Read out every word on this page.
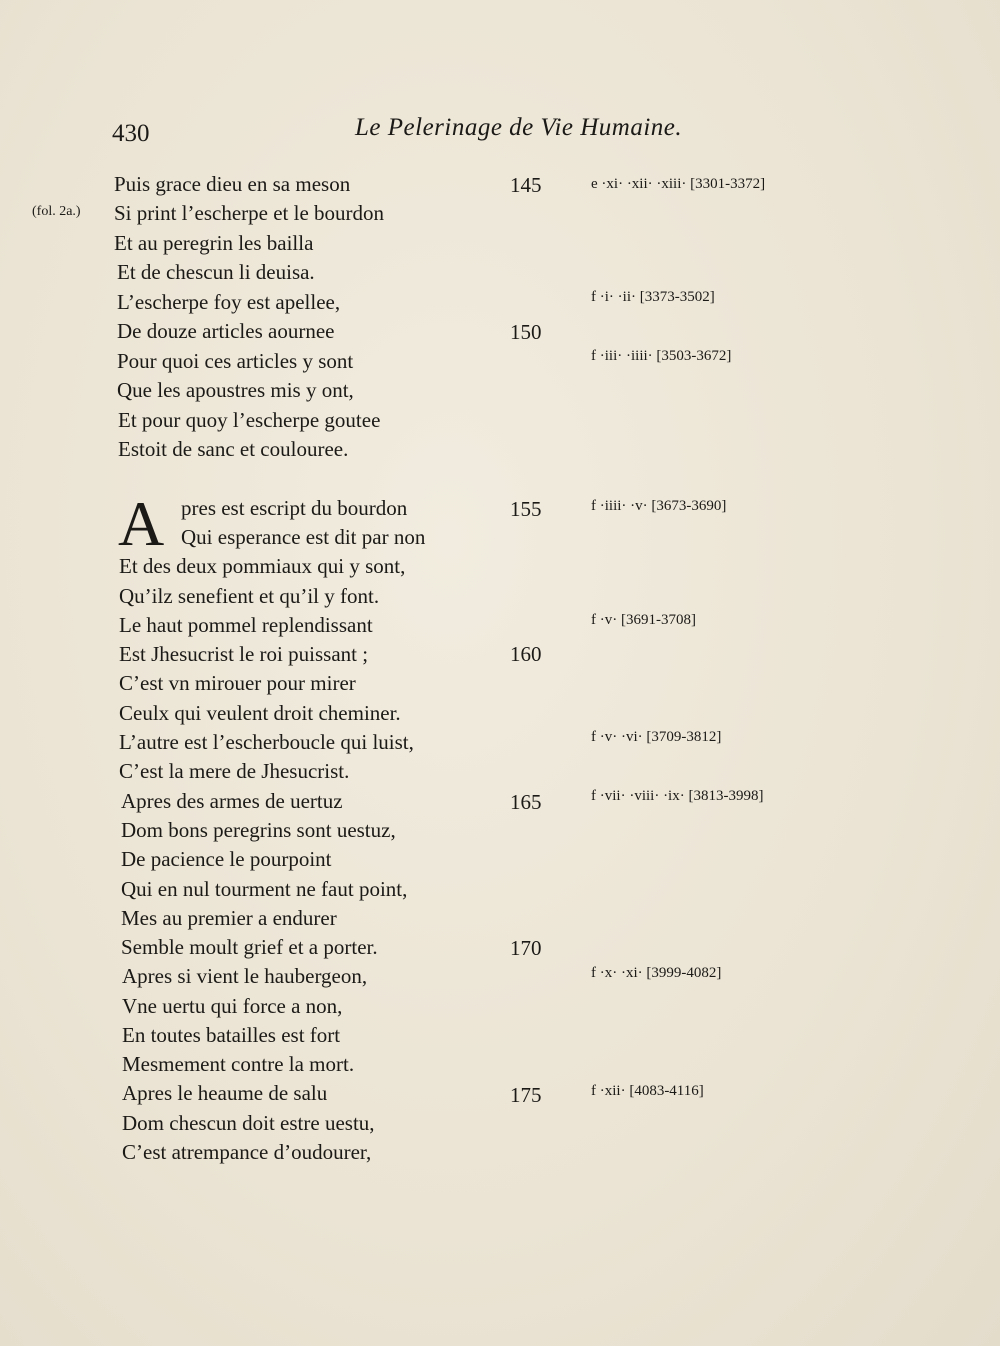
430	Le Pelerinage de Vie Humaine.
(fol. 2a.)
A
Puis grace dieu en sa meson
Si print l’escherpe et le bourdon
Et au peregrin les bailla
Et de chescun li deuisa.
L’escherpe foy est apellee,
De douze articles aournee
Pour quoi ces articles y sont
Que les apoustres mis y ont,
Et pour quoy l’escherpe goutee
Estoit de sanc et coulouree.
pres est escript du bourdon
Qui esperance est dit par non
Et des deux pommiaux qui y sont,
Qu’ilz senefient et qu’il y font.
Le haut pommel replendissant
Est Jhesucrist le roi puissant ;
C’est vn mirouer pour mirer
Ceulx qui veulent droit cheminer.
L’autre est l’escherboucle qui luist,
C’est la mere de Jhesucrist.
Apres des armes de uertuz
Dom bons peregrins sont uestuz,
De pacience le pourpoint
Qui en nul tourment ne faut point,
Mes au premier a endurer
Semble moult grief et a porter.
Apres si vient le haubergeon,
Vne uertu qui force a non,
En toutes batailles est fort
Mesmement contre la mort.
Apres le heaume de salu
Dom chescun doit estre uestu,
C’est atrempance d’oudourer,
145
150
155
160
165
170
175
e ·xi· ·xii· ·xiii· [3301-3372]
f ·i· ·ii· [3373-3502]
f ·iii· ·iiii· [3503-3672]
f ·iiii· ·v· [3673-3690]
f ·v· [3691-3708]
f ·v· ·vi· [3709-3812]
f ·vii· ·viii· ·ix· [3813-3998]
f ·x· ·xi· [3999-4082]
f ·xii· [4083-4116]
